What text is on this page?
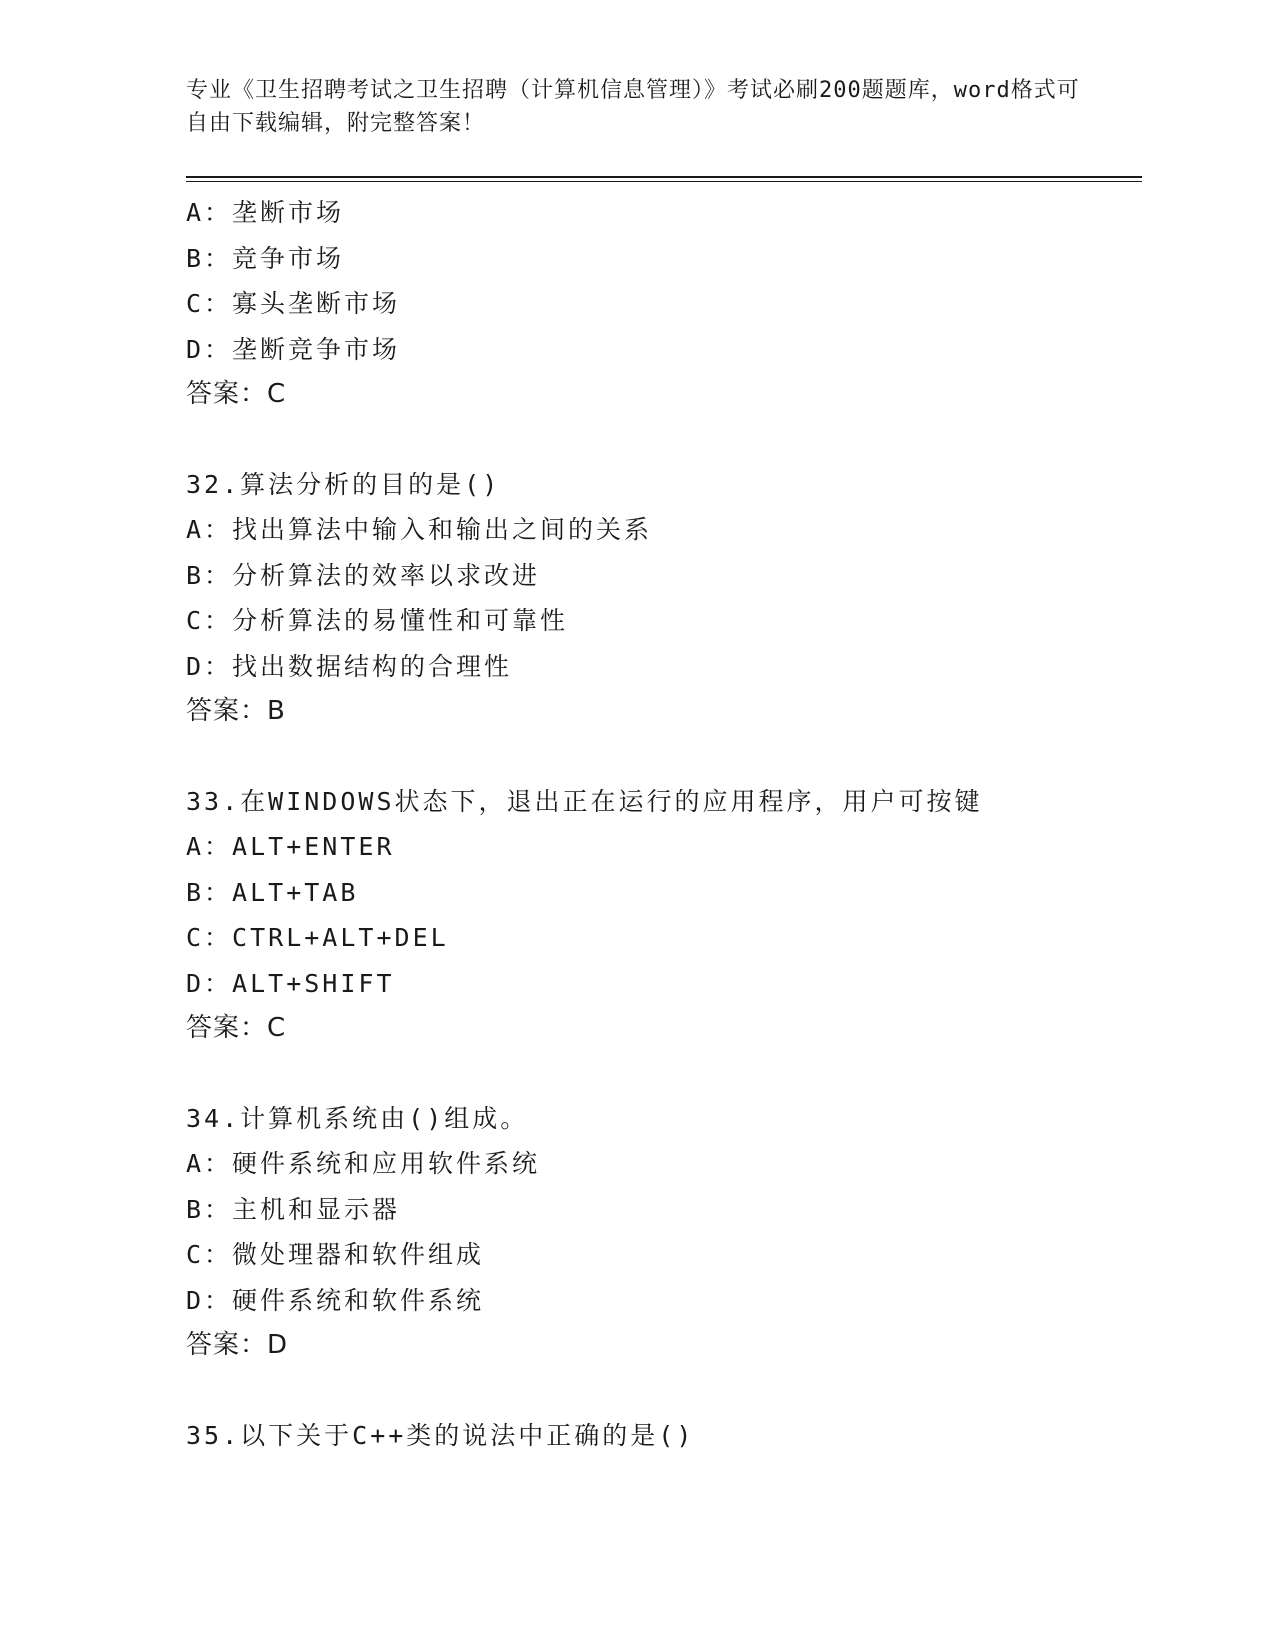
专业《卫生招聘考试之卫生招聘（计算机信息管理）》考试必刷200题题库，word格式可自由下载编辑，附完整答案！
A：垄断市场
B：竞争市场
C：寡头垄断市场
D：垄断竞争市场
答案：C
32.算法分析的目的是()
A：找出算法中输入和输出之间的关系
B：分析算法的效率以求改进
C：分析算法的易懂性和可靠性
D：找出数据结构的合理性
答案：B
33.在WINDOWS状态下，退出正在运行的应用程序，用户可按键
A：ALT+ENTER
B：ALT+TAB
C：CTRL+ALT+DEL
D：ALT+SHIFT
答案：C
34.计算机系统由()组成。
A：硬件系统和应用软件系统
B：主机和显示器
C：微处理器和软件组成
D：硬件系统和软件系统
答案：D
35.以下关于C++类的说法中正确的是()
